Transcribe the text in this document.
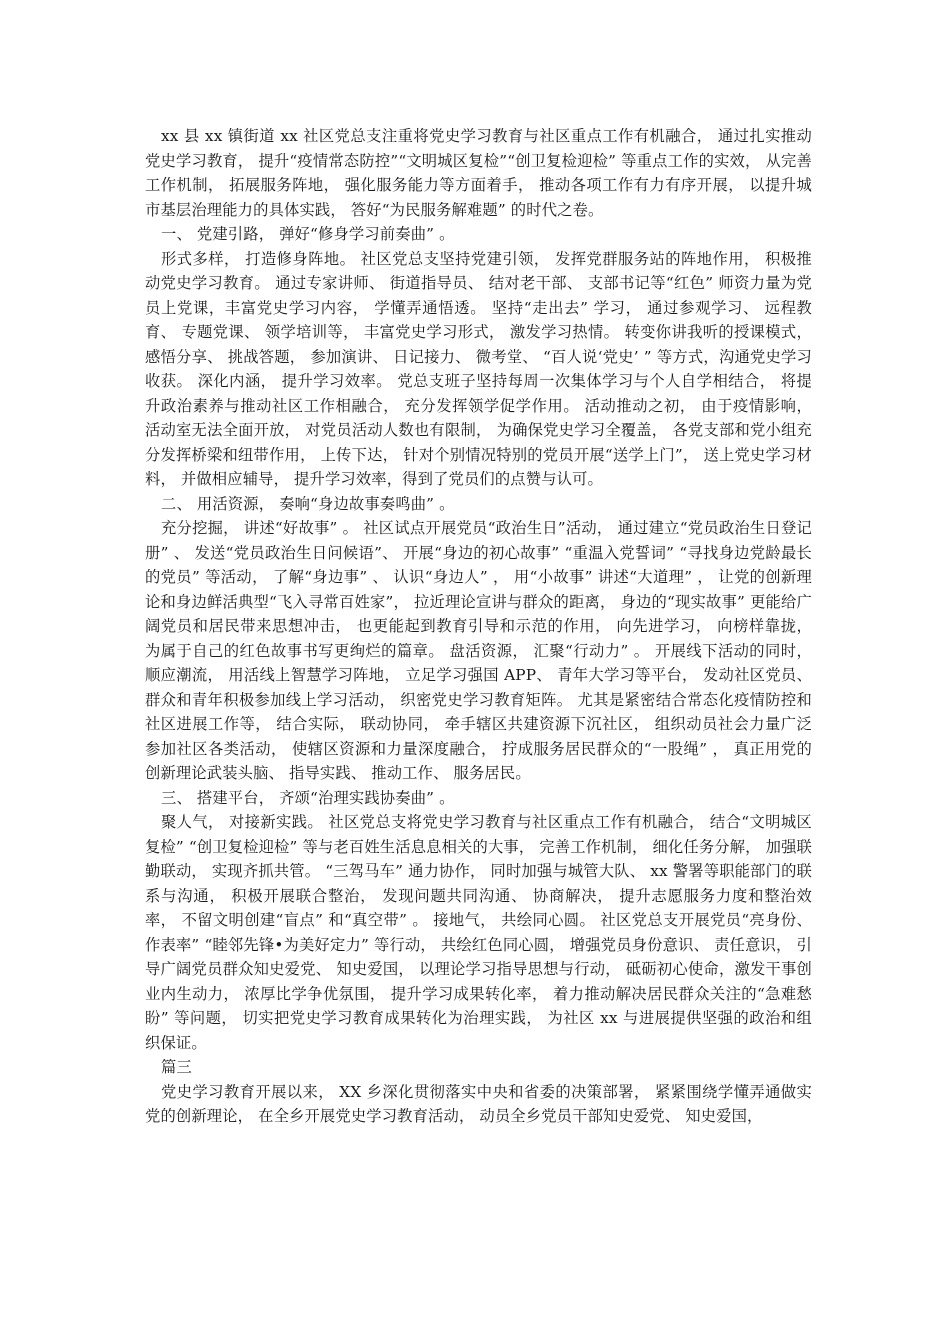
xx 县 xx 镇街道 xx 社区党总支注重将党史学习教育与社区重点工作有机融合， 通过扎实推动党史学习教育， 提升“疫情常态防控”“文明城区复检”“创卫复检迎检” 等重点工作的实效， 从完善工作机制， 拓展服务阵地， 强化服务能力等方面着手， 推动各项工作有力有序开展， 以提升城市基层治理能力的具体实践， 答好“为民服务解难题” 的时代之卷。

一、 党建引路， 弹好“修身学习前奏曲” 。

形式多样， 打造修身阵地。 社区党总支坚持党建引领， 发挥党群服务站的阵地作用， 积极推动党史学习教育。 通过专家讲师、 街道指导员、 结对老干部、 支部书记等“红色” 师资力量为党员上党课，丰富党史学习内容， 学懂弄通悟透。 坚持“走出去” 学习， 通过参观学习、 远程教育、 专题党课、 领学培训等， 丰富党史学习形式， 激发学习热情。 转变你讲我听的授课模式， 感悟分享、 挑战答题， 参加演讲、 日记接力、 微考堂、 “百人说‘党史’ ” 等方式，沟通党史学习收获。 深化内涵， 提升学习效率。 党总支班子坚持每周一次集体学习与个人自学相结合， 将提升政治素养与推动社区工作相融合， 充分发挥领学促学作用。 活动推动之初， 由于疫情影响， 活动室无法全面开放， 对党员活动人数也有限制， 为确保党史学习全覆盖， 各党支部和党小组充分发挥桥梁和纽带作用， 上传下达， 针对个别情况特别的党员开展“送学上门”， 送上党史学习材料， 并做相应辅导， 提升学习效率，得到了党员们的点赞与认可。

二、 用活资源， 奏响“身边故事奏鸣曲” 。

充分挖掘， 讲述“好故事” 。 社区试点开展党员“政治生日”活动， 通过建立“党员政治生日登记册” 、 发送“党员政治生日问候语”、 开展“身边的初心故事” “重温入党誓词” “寻找身边党龄最长的党员” 等活动， 了解“身边事” 、 认识“身边人” ， 用“小故事” 讲述“大道理” ， 让党的创新理论和身边鲜活典型“飞入寻常百姓家”， 拉近理论宣讲与群众的距离， 身边的“现实故事” 更能给广阔党员和居民带来思想冲击， 也更能起到教育引导和示范的作用， 向先进学习， 向榜样靠拢， 为属于自己的红色故事书写更绚烂的篇章。 盘活资源， 汇聚“行动力” 。 开展线下活动的同时， 顺应潮流， 用活线上智慧学习阵地， 立足学习强国 APP、 青年大学习等平台， 发动社区党员、 群众和青年积极参加线上学习活动， 织密党史学习教育矩阵。 尤其是紧密结合常态化疫情防控和社区进展工作等， 结合实际， 联动协同， 牵手辖区共建资源下沉社区， 组织动员社会力量广泛参加社区各类活动， 使辖区资源和力量深度融合， 拧成服务居民群众的“一股绳” ， 真正用党的创新理论武装头脑、 指导实践、 推动工作、 服务居民。

三、 搭建平台， 齐颂“治理实践协奏曲” 。

聚人气， 对接新实践。 社区党总支将党史学习教育与社区重点工作有机融合， 结合“文明城区复检” “创卫复检迎检” 等与老百姓生活息息相关的大事， 完善工作机制， 细化任务分解， 加强联勤联动， 实现齐抓共管。 “三驾马车” 通力协作， 同时加强与城管大队、 xx 警署等职能部门的联系与沟通， 积极开展联合整治， 发现问题共同沟通、 协商解决， 提升志愿服务力度和整治效率， 不留文明创建“盲点” 和“真空带” 。 接地气， 共绘同心圆。 社区党总支开展党员“亮身份、 作表率” “睦邻先锋•为美好定力” 等行动， 共绘红色同心圆， 增强党员身份意识、 责任意识， 引导广阔党员群众知史爱党、 知史爱国， 以理论学习指导思想与行动， 砥砺初心使命，激发干事创业内生动力， 浓厚比学争优氛围， 提升学习成果转化率， 着力推动解决居民群众关注的“急难愁盼” 等问题， 切实把党史学习教育成果转化为治理实践， 为社区 xx 与进展提供坚强的政治和组织保证。

篇三

党史学习教育开展以来， XX 乡深化贯彻落实中央和省委的决策部署， 紧紧围绕学懂弄通做实党的创新理论， 在全乡开展党史学习教育活动， 动员全乡党员干部知史爱党、 知史爱国，
